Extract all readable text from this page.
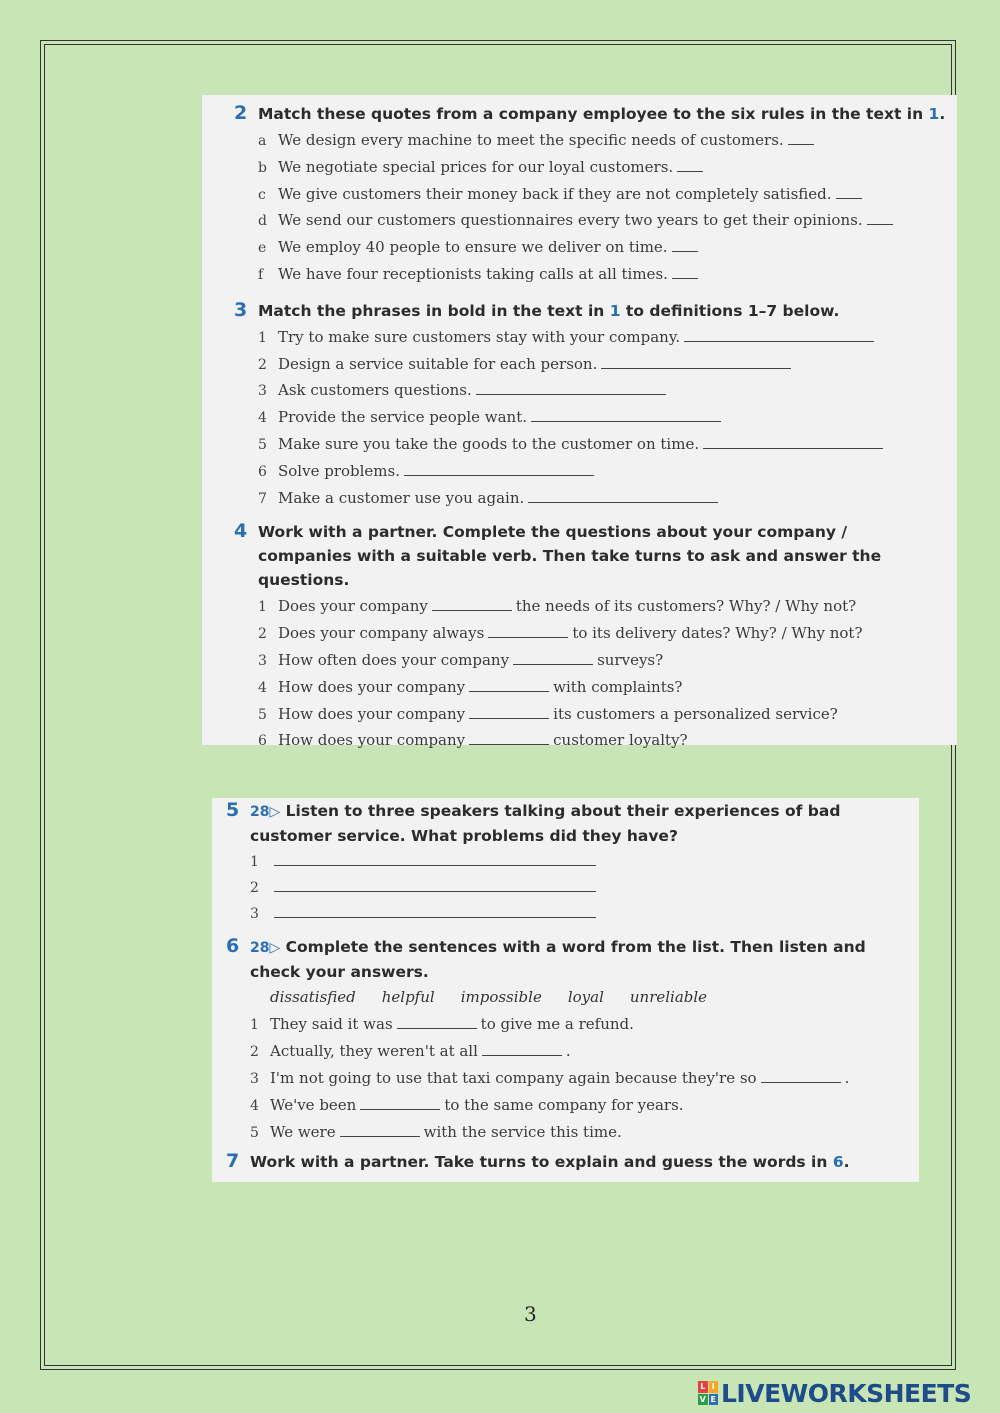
2 Match these quotes from a company employee to the six rules in the text in 1.
a We design every machine to meet the specific needs of customers.
b We negotiate special prices for our loyal customers.
c We give customers their money back if they are not completely satisfied.
d We send our customers questionnaires every two years to get their opinions.
e We employ 40 people to ensure we deliver on time.
f We have four receptionists taking calls at all times.
3 Match the phrases in bold in the text in 1 to definitions 1–7 below.
1 Try to make sure customers stay with your company.
2 Design a service suitable for each person.
3 Ask customers questions.
4 Provide the service people want.
5 Make sure you take the goods to the customer on time.
6 Solve problems.
7 Make a customer use you again.
4 Work with a partner. Complete the questions about your company /
companies with a suitable verb. Then take turns to ask and answer the
questions.
1 Does your company	the needs of its customers? Why? / Why not?
2 Does your company always	to its delivery dates? Why? / Why not?
3 How often does your company	surveys?
4 How does your company	with complaints?
5 How does your company	its customers a personalized service?
6 How does your company	customer loyalty?
5 28▷ Listen to three speakers talking about their experiences of bad
customer service. What problems did they have?
1
2
3
6 28▷ Complete the sentences with a word from the list. Then listen and
check your answers.
dissatisfied helpful impossible loyal unreliable
1 They said it was	to give me a refund.
2 Actually, they weren't at all	.
3 I'm not going to use that taxi company again because they're so	.
4 We've been	to the same company for years.
5 We were	with the service this time.
7 Work with a partner. Take turns to explain and guess the words in 6.
3
L I
V E LIVEWORKSHEETS
